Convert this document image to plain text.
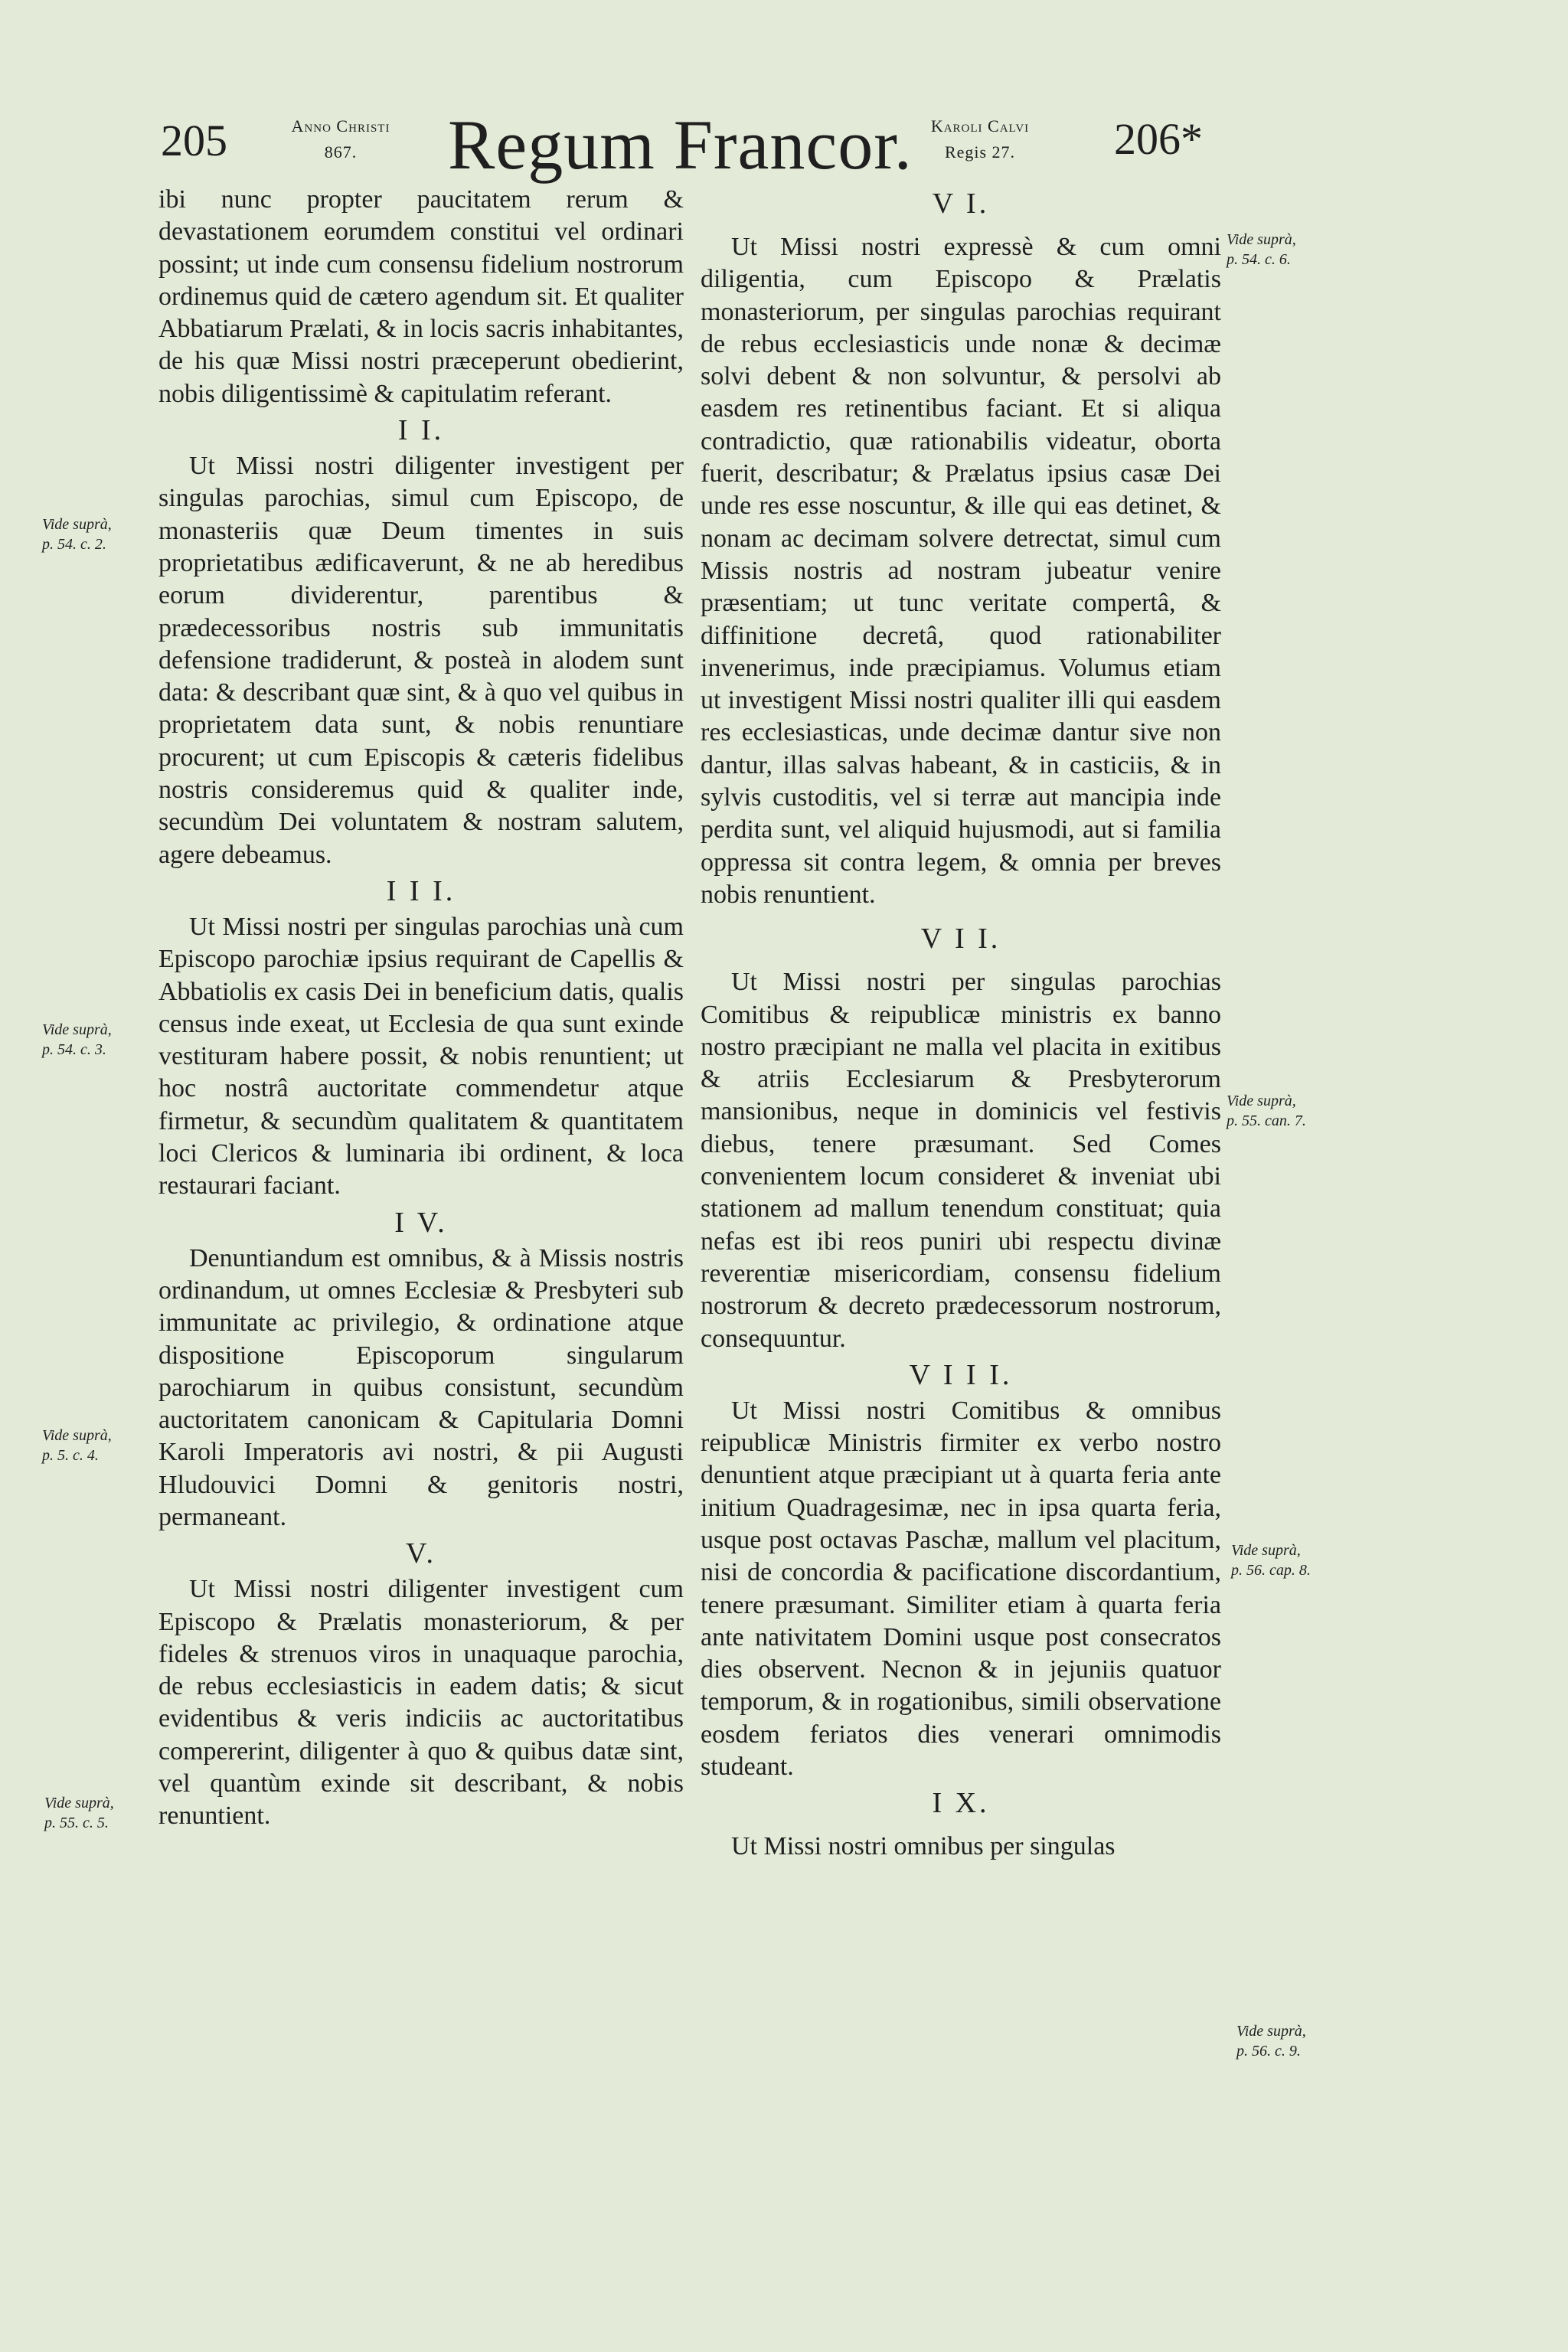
205	Anno Christi
867.	Regum Francor.	Karoli Calvi
Regis 27.	206*

ibi nunc propter paucitatem rerum & devastationem eorumdem constitui vel ordinari possint; ut inde cum consensu fidelium nostrorum ordinemus quid de cætero agendum sit. Et qualiter Abbatiarum Prælati, & in locis sacris inhabitantes, de his quæ Missi nostri præceperunt obedierint, nobis diligentissimè & capitulatim referant.

I I.

Ut Missi nostri diligenter investigent per singulas parochias, simul cum Episcopo, de monasteriis quæ Deum timentes in suis proprietatibus ædificaverunt, & ne ab heredibus eorum dividerentur, parentibus & prædecessoribus nostris sub immunitatis defensione tradiderunt, & posteà in alodem sunt data: & describant quæ sint, & à quo vel quibus in proprietatem data sunt, & nobis renuntiare procurent; ut cum Episcopis & cæteris fidelibus nostris consideremus quid & qualiter inde, secundùm Dei voluntatem & nostram salutem, agere debeamus.

I I I.

Ut Missi nostri per singulas parochias unà cum Episcopo parochiæ ipsius requirant de Capellis & Abbatiolis ex casis Dei in beneficium datis, qualis census inde exeat, ut Ecclesia de qua sunt exinde vestituram habere possit, & nobis renuntient; ut hoc nostrâ auctoritate commendetur atque firmetur, & secundùm qualitatem & quantitatem loci Clericos & luminaria ibi ordinent, & loca restaurari faciant.

I V.

Denuntiandum est omnibus, & à Missis nostris ordinandum, ut omnes Ecclesiæ & Presbyteri sub immunitate ac privilegio, & ordinatione atque dispositione Episcoporum singularum parochiarum in quibus consistunt, secundùm auctoritatem canonicam & Capitularia Domni Karoli Imperatoris avi nostri, & pii Augusti Hludouvici Domni & genitoris nostri, permaneant.

V.

Ut Missi nostri diligenter investigent cum Episcopo & Prælatis monasteriorum, & per fideles & strenuos viros in unaquaque parochia, de rebus ecclesiasticis in eadem datis; & sicut evidentibus & veris indiciis ac auctoritatibus compererint, diligenter à quo & quibus datæ sint, vel quantùm exinde sit describant, & nobis renuntient.

V I.

Ut Missi nostri expressè & cum omni diligentia, cum Episcopo & Prælatis monasteriorum, per singulas parochias requirant de rebus ecclesiasticis unde nonæ & decimæ solvi debent & non solvuntur, & persolvi ab easdem res retinentibus faciant. Et si aliqua contradictio, quæ rationabilis videatur, oborta fuerit, describatur; & Prælatus ipsius casæ Dei unde res esse noscuntur, & ille qui eas detinet, & nonam ac decimam solvere detrectat, simul cum Missis nostris ad nostram jubeatur venire præsentiam; ut tunc veritate compertâ, & diffinitione decretâ, quod rationabiliter invenerimus, inde præcipiamus. Volumus etiam ut investigent Missi nostri qualiter illi qui easdem res ecclesiasticas, unde decimæ dantur sive non dantur, illas salvas habeant, & in casticiis, & in sylvis custoditis, vel si terræ aut mancipia inde perdita sunt, vel aliquid hujusmodi, aut si familia oppressa sit contra legem, & omnia per breves nobis renuntient.

V I I.

Ut Missi nostri per singulas parochias Comitibus & reipublicæ ministris ex banno nostro præcipiant ne malla vel placita in exitibus & atriis Ecclesiarum & Presbyterorum mansionibus, neque in dominicis vel festivis diebus, tenere præsumant. Sed Comes convenientem locum consideret & inveniat ubi stationem ad mallum tenendum constituat; quia nefas est ibi reos puniri ubi respectu divinæ reverentiæ misericordiam, consensu fidelium nostrorum & decreto prædecessorum nostrorum, consequuntur.

V I I I.

Ut Missi nostri Comitibus & omnibus reipublicæ Ministris firmiter ex verbo nostro denuntient atque præcipiant ut à quarta feria ante initium Quadragesimæ, nec in ipsa quarta feria, usque post octavas Paschæ, mallum vel placitum, nisi de concordia & pacificatione discordantium, tenere præsumant. Similiter etiam à quarta feria ante nativitatem Domini usque post consecratos dies observent. Necnon & in jejuniis quatuor temporum, & in rogationibus, simili observatione eosdem feriatos dies venerari omnimodis studeant.

I X.

Ut Missi nostri omnibus per singulas

Vide suprà,
p. 54. c. 2.
Vide suprà,
p. 54. c. 3.
Vide suprà,
p. 5. c. 4.
Vide suprà,
p. 55. c. 5.
Vide suprà,
p. 54. c. 6.
Vide suprà,
p. 55. can. 7.
Vide suprà,
p. 56. cap. 8.
Vide suprà,
p. 56. c. 9.
